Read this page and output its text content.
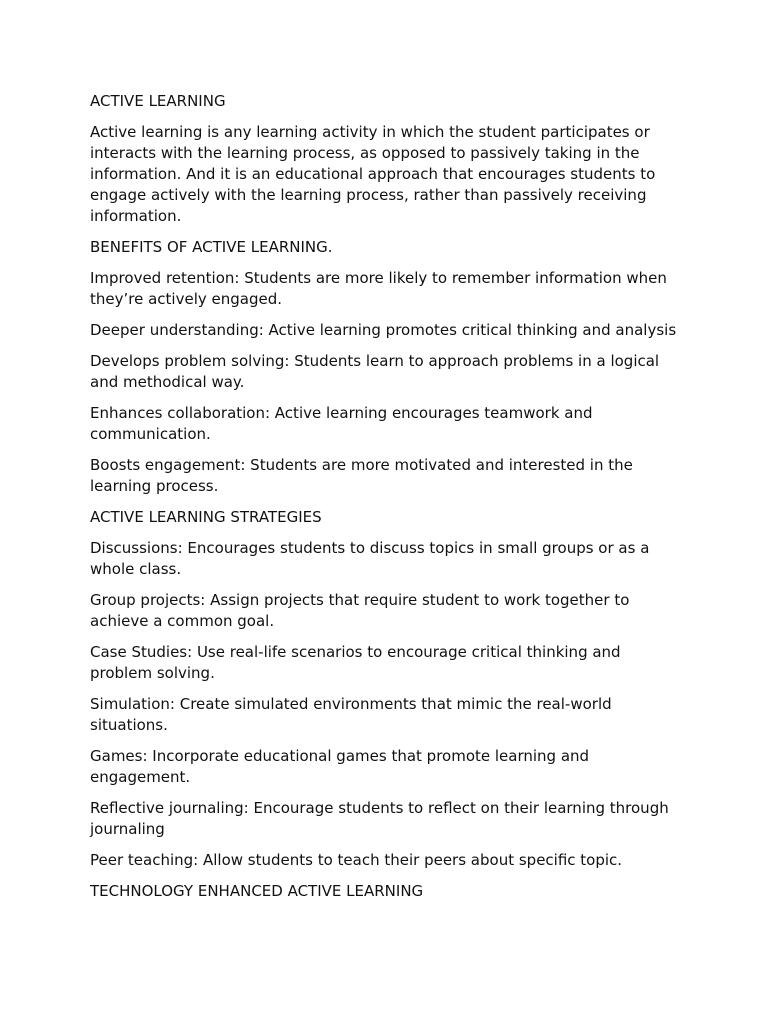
ACTIVE LEARNING

Active learning is any learning activity in which the student participates or interacts with the learning process, as opposed to passively taking in the information. And it is an educational approach that encourages students to engage actively with the learning process, rather than passively receiving information.

BENEFITS OF ACTIVE LEARNING.

Improved retention: Students are more likely to remember information when they’re actively engaged.

Deeper understanding: Active learning promotes critical thinking and analysis

Develops problem solving: Students learn to approach problems in a logical and methodical way.

Enhances collaboration: Active learning encourages teamwork and communication.

Boosts engagement: Students are more motivated and interested in the learning process.

ACTIVE LEARNING STRATEGIES

Discussions: Encourages students to discuss topics in small groups or as a whole class.

Group projects: Assign projects that require student to work together to achieve a common goal.

Case Studies: Use real-life scenarios to encourage critical thinking and problem solving.

Simulation: Create simulated environments that mimic the real-world situations.

Games: Incorporate educational games that promote learning and engagement.

Reflective journaling: Encourage students to reflect on their learning through journaling

Peer teaching: Allow students to teach their peers about specific topic.

TECHNOLOGY ENHANCED ACTIVE LEARNING
